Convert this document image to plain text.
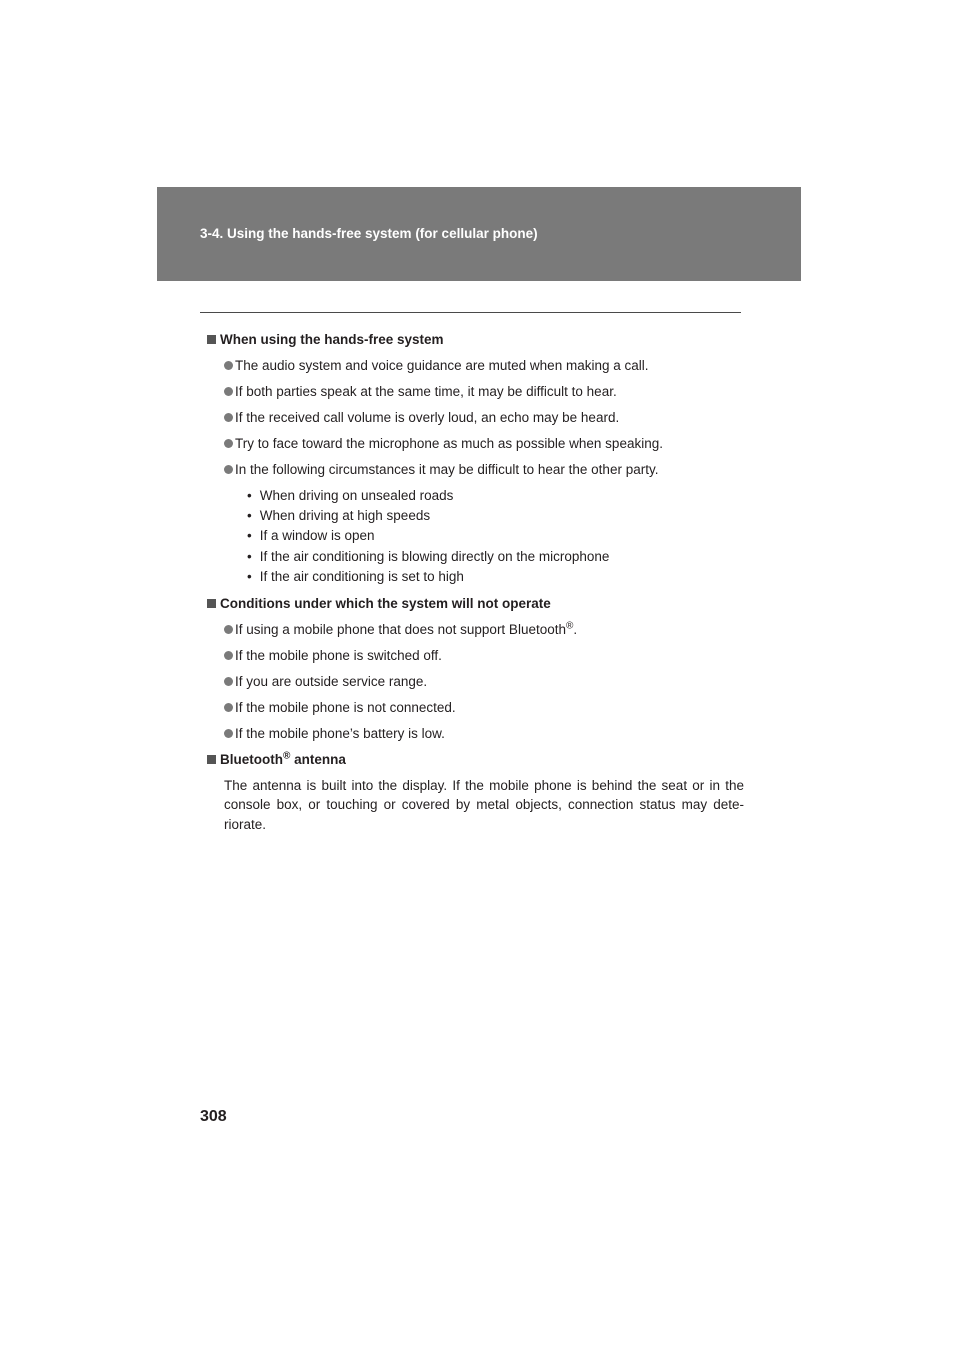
3-4. Using the hands-free system (for cellular phone)
When using the hands-free system
The audio system and voice guidance are muted when making a call.
If both parties speak at the same time, it may be difficult to hear.
If the received call volume is overly loud, an echo may be heard.
Try to face toward the microphone as much as possible when speaking.
In the following circumstances it may be difficult to hear the other party.
• When driving on unsealed roads
• When driving at high speeds
• If a window is open
• If the air conditioning is blowing directly on the microphone
• If the air conditioning is set to high
Conditions under which the system will not operate
If using a mobile phone that does not support Bluetooth®.
If the mobile phone is switched off.
If you are outside service range.
If the mobile phone is not connected.
If the mobile phone’s battery is low.
Bluetooth® antenna
The antenna is built into the display. If the mobile phone is behind the seat or in the console box, or touching or covered by metal objects, connection status may dete-riorate.
308
